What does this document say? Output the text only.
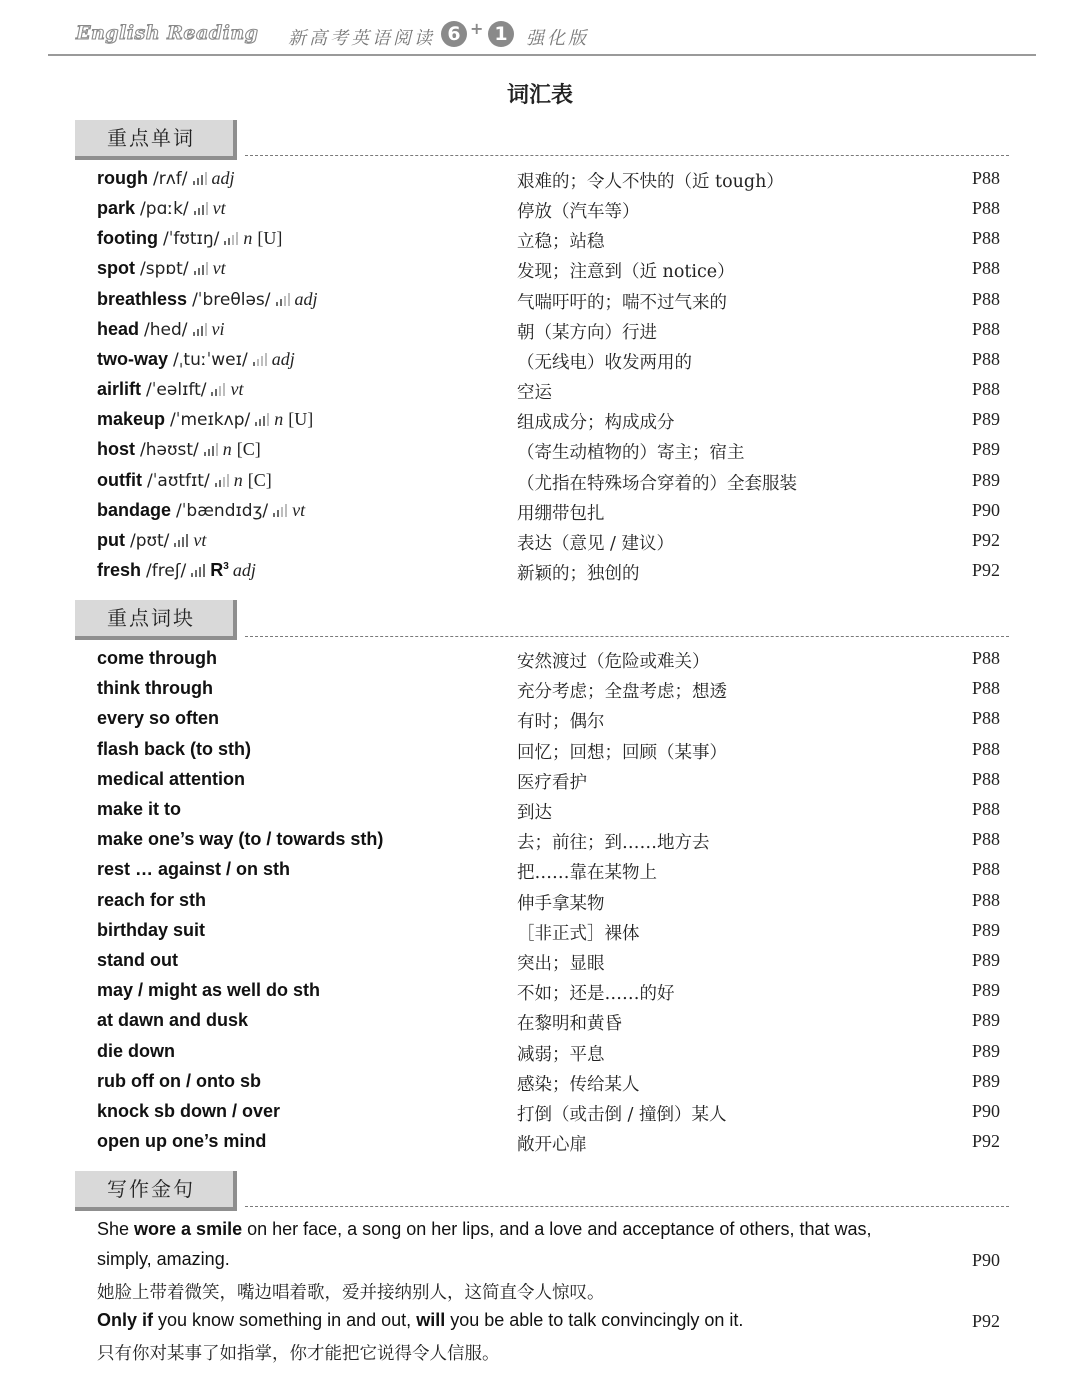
English Reading 新高考英语阅读 6 + 1	强化版
词汇表
重点单词
rough /rʌf/ adj	艰难的；令人不快的（近 tough）	P88
park /pɑːk/ vt	停放（汽车等）	P88
footing /ˈfʊtɪŋ/ n [U]	立稳；站稳	P88
spot /spɒt/ vt	发现；注意到（近 notice）	P88
breathless /ˈbreθləs/ adj	气喘吁吁的；喘不过气来的	P88
head /hed/ vi	朝（某方向）行进	P88
two-way /ˌtuːˈweɪ/ adj	（无线电）收发两用的	P88
airlift /ˈeəlɪft/ vt	空运	P88
makeup /ˈmeɪkʌp/ n [U]	组成成分；构成成分	P89
host /həʊst/ n [C]	（寄生动植物的）寄主；宿主	P89
outfit /ˈaʊtfɪt/ n [C]	（尤指在特殊场合穿着的）全套服装	P89
bandage /ˈbændɪdʒ/ vt	用绷带包扎	P90
put /pʊt/ vt	表达（意见 / 建议）	P92
fresh /freʃ/ $R^3$ adj	新颖的；独创的	P92
重点词块
come through	安然渡过（危险或难关）	P88
think through	充分考虑；全盘考虑；想透	P88
every so often	有时；偶尔	P88
flash back (to sth)	回忆；回想；回顾（某事）	P88
medical attention	医疗看护	P88
make it to	到达	P88
make one’s way (to / towards sth)	去；前往；到……地方去	P88
rest … against / on sth	把……靠在某物上	P88
reach for sth	伸手拿某物	P88
birthday suit	［非正式］裸体	P89
stand out	突出；显眼	P89
may / might as well do sth	不如；还是……的好	P89
at dawn and dusk	在黎明和黄昏	P89
die down	减弱；平息	P89
rub off on / onto sb	感染；传给某人	P89
knock sb down / over	打倒（或击倒 / 撞倒）某人	P90
open up one’s mind	敞开心扉	P92
写作金句
She wore a smile on her face, a song on her lips, and a love and acceptance of others, that was,
simply, amazing.	P90
她脸上带着微笑，嘴边唱着歌，爱并接纳别人，这简直令人惊叹。
Only if you know something in and out, will you be able to talk convincingly on it.	P92
只有你对某事了如指掌，你才能把它说得令人信服。
